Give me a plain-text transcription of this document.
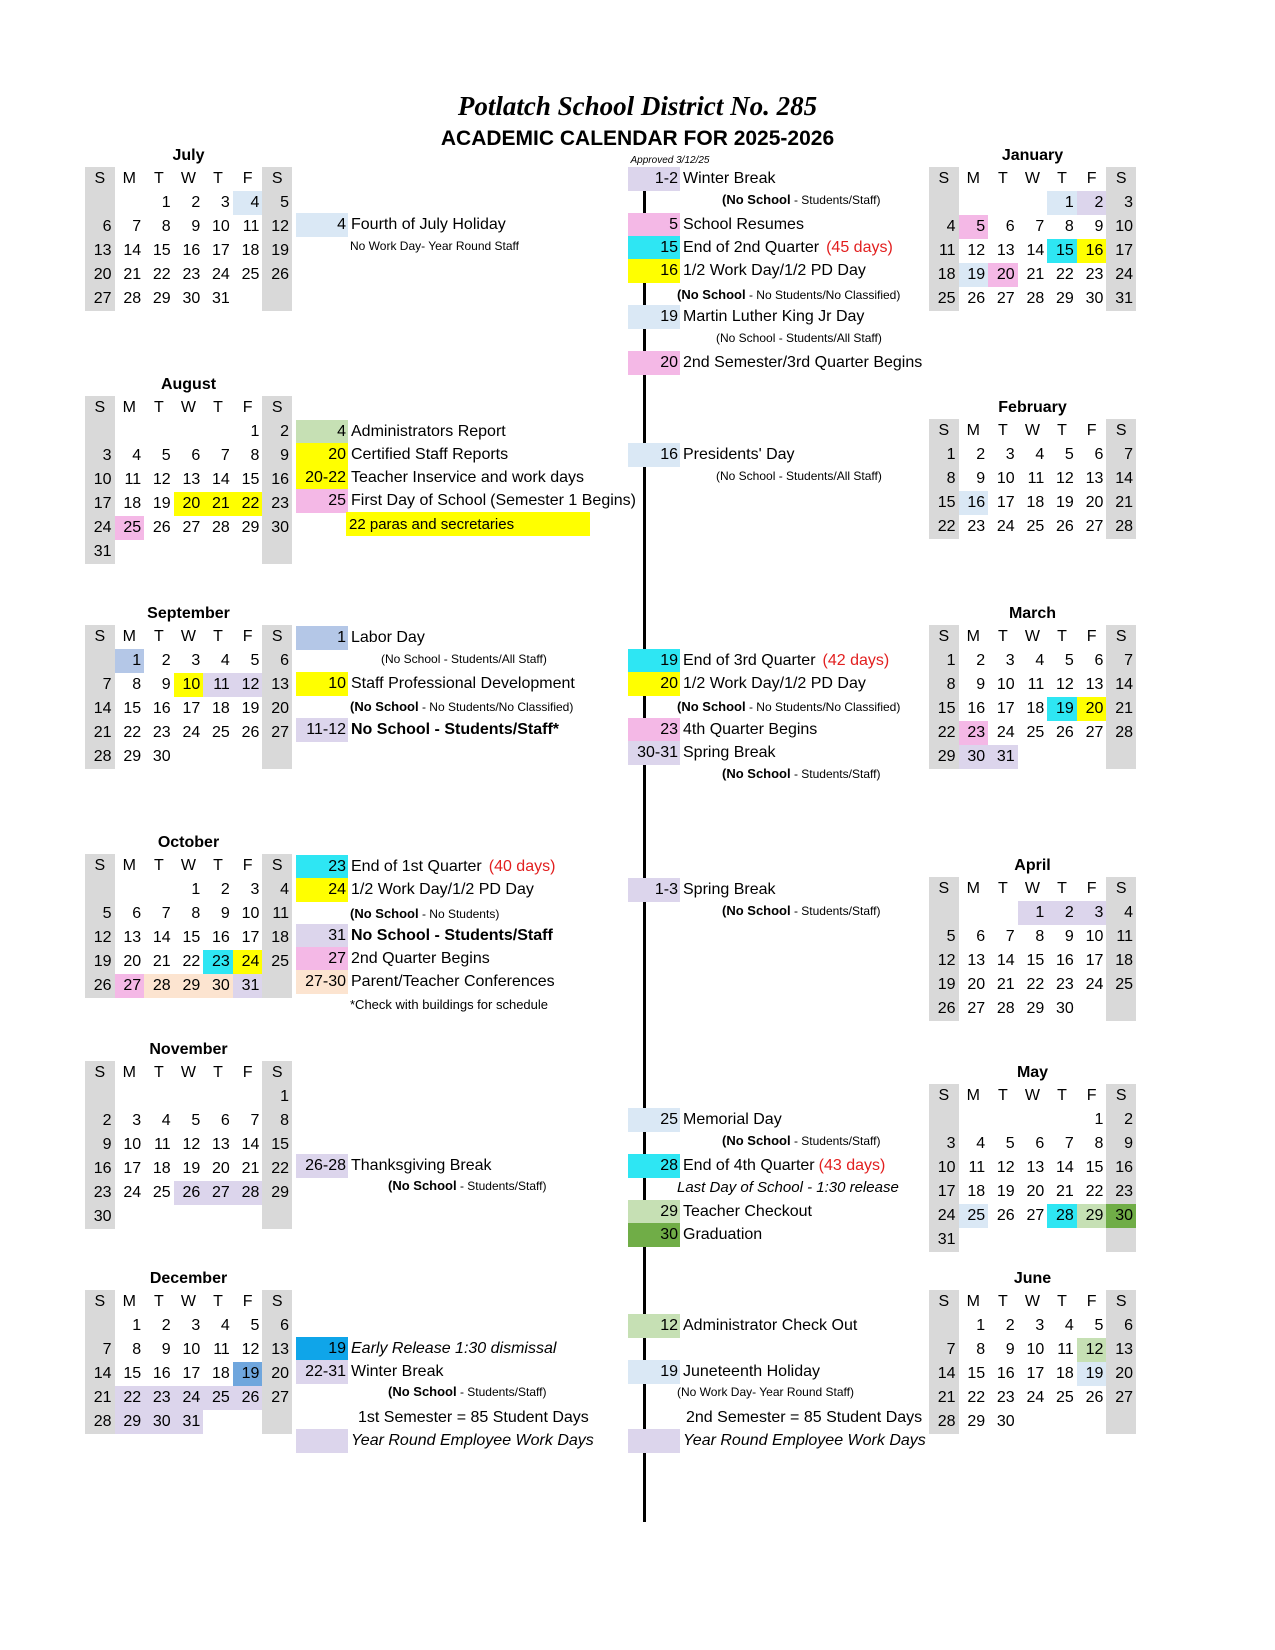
Potlatch School District No. 285
ACADEMIC CALENDAR FOR 2025-2026
Approved 3/12/25
July
S	M	T	W	T	F	S
		1	2	3	4	5
6	7	8	9	10	11	12
13	14	15	16	17	18	19
20	21	22	23	24	25	26
27	28	29	30	31		
August
S	M	T	W	T	F	S
					1	2
3	4	5	6	7	8	9
10	11	12	13	14	15	16
17	18	19	20	21	22	23
24	25	26	27	28	29	30
31						
September
S	M	T	W	T	F	S
	1	2	3	4	5	6
7	8	9	10	11	12	13
14	15	16	17	18	19	20
21	22	23	24	25	26	27
28	29	30				
October
S	M	T	W	T	F	S
			1	2	3	4
5	6	7	8	9	10	11
12	13	14	15	16	17	18
19	20	21	22	23	24	25
26	27	28	29	30	31	
November
S	M	T	W	T	F	S
						1
2	3	4	5	6	7	8
9	10	11	12	13	14	15
16	17	18	19	20	21	22
23	24	25	26	27	28	29
30						
December
S	M	T	W	T	F	S
	1	2	3	4	5	6
7	8	9	10	11	12	13
14	15	16	17	18	19	20
21	22	23	24	25	26	27
28	29	30	31			
January
S	M	T	W	T	F	S
				1	2	3
4	5	6	7	8	9	10
11	12	13	14	15	16	17
18	19	20	21	22	23	24
25	26	27	28	29	30	31
February
S	M	T	W	T	F	S
1	2	3	4	5	6	7
8	9	10	11	12	13	14
15	16	17	18	19	20	21
22	23	24	25	26	27	28
March
S	M	T	W	T	F	S
1	2	3	4	5	6	7
8	9	10	11	12	13	14
15	16	17	18	19	20	21
22	23	24	25	26	27	28
29	30	31				
April
S	M	T	W	T	F	S
			1	2	3	4
5	6	7	8	9	10	11
12	13	14	15	16	17	18
19	20	21	22	23	24	25
26	27	28	29	30		
May
S	M	T	W	T	F	S
					1	2
3	4	5	6	7	8	9
10	11	12	13	14	15	16
17	18	19	20	21	22	23
24	25	26	27	28	29	30
31						
June
S	M	T	W	T	F	S
	1	2	3	4	5	6
7	8	9	10	11	12	13
14	15	16	17	18	19	20
21	22	23	24	25	26	27
28	29	30				
4 Fourth of July Holiday
No Work Day- Year Round Staff
4 Administrators Report
20 Certified Staff Reports
20-22 Teacher Inservice and work days
25 First Day of School (Semester 1 Begins)
22 paras and secretaries
1 Labor Day
(No School - Students/All Staff)
10 Staff Professional Development
(No School - No Students/No Classified)
11-12 No School - Students/Staff*
23 End of 1st Quarter (40 days)
24 1/2 Work Day/1/2 PD Day
(No School - No Students)
31 No School - Students/Staff
27 2nd Quarter Begins
27-30 Parent/Teacher Conferences
*Check with buildings for schedule
26-28 Thanksgiving Break
(No School - Students/Staff)
19 Early Release 1:30 dismissal
22-31 Winter Break
(No School - Students/Staff)
1st Semester = 85 Student Days
Year Round Employee Work Days
1-2 Winter Break
(No School - Students/Staff)
5 School Resumes
15 End of 2nd Quarter (45 days)
16 1/2 Work Day/1/2 PD Day
(No School - No Students/No Classified)
19 Martin Luther King Jr Day
(No School - Students/All Staff)
20 2nd Semester/3rd Quarter Begins
16 Presidents' Day
(No School - Students/All Staff)
19 End of 3rd Quarter (42 days)
20 1/2 Work Day/1/2 PD Day
(No School - No Students/No Classified)
23 4th Quarter Begins
30-31 Spring Break
(No School - Students/Staff)
1-3 Spring Break
(No School - Students/Staff)
25 Memorial Day
(No School - Students/Staff)
28 End of 4th Quarter (43 days)
Last Day of School - 1:30 release
29 Teacher Checkout
30 Graduation
12 Administrator Check Out
19 Juneteenth Holiday
(No Work Day- Year Round Staff)
2nd Semester = 85 Student Days
Year Round Employee Work Days
